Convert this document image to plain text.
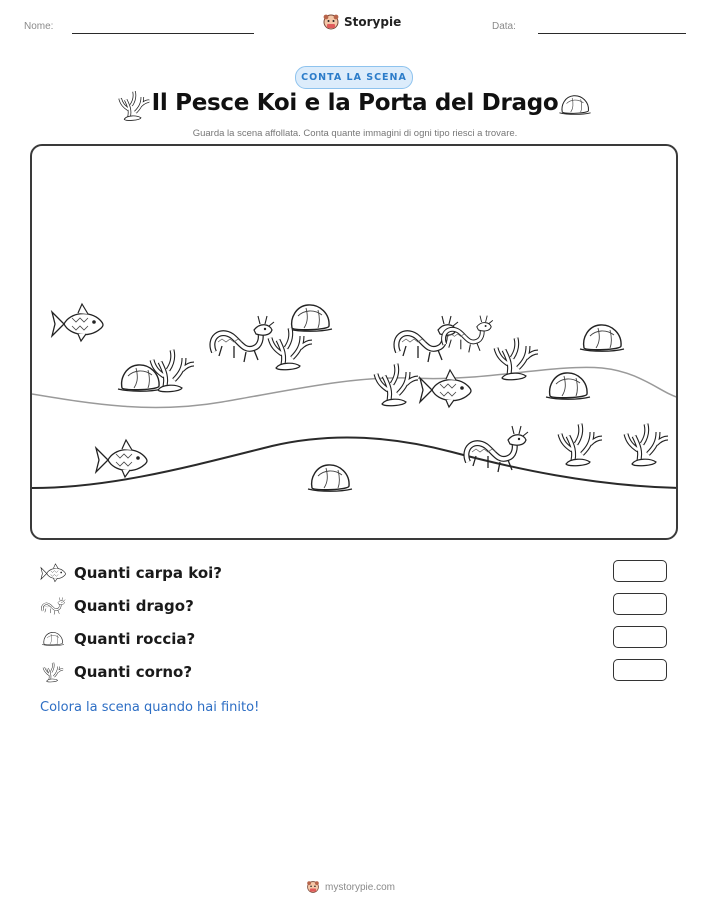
Nome:	Storypie	Data:
CONTA LA SCENA
Il Pesce Koi e la Porta del Drago
Guarda la scena affollata. Conta quante immagini di ogni tipo riesci a trovare.
Quanti carpa koi?
Quanti drago?
Quanti roccia?
Quanti corno?
Colora la scena quando hai finito!
mystorypie.com
